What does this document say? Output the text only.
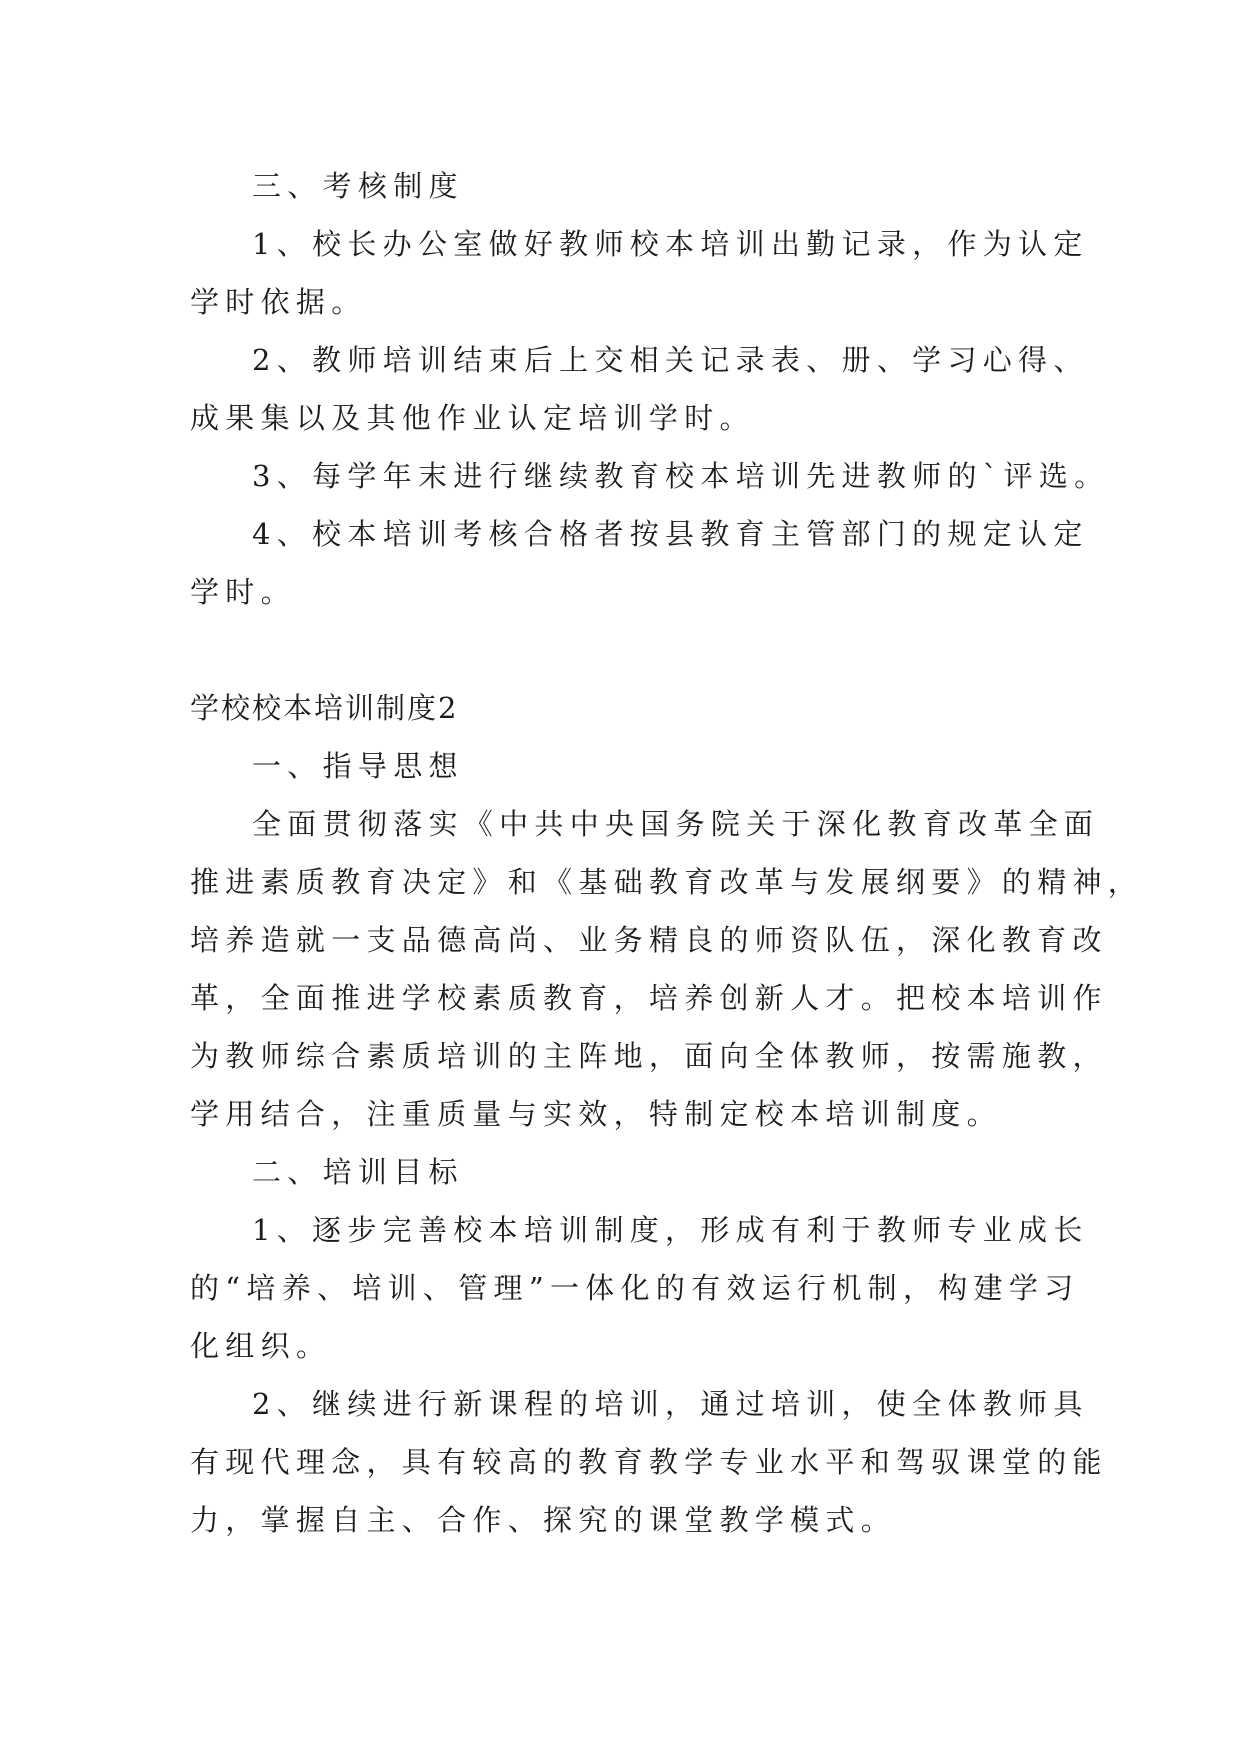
三、考核制度

1、校长办公室做好教师校本培训出勤记录，作为认定

学时依据。

2、教师培训结束后上交相关记录表、册、学习心得、

成果集以及其他作业认定培训学时。

3、每学年末进行继续教育校本培训先进教师的`评选。

4、校本培训考核合格者按县教育主管部门的规定认定

学时。

学校校本培训制度2

一、指导思想

全面贯彻落实《中共中央国务院关于深化教育改革全面

推进素质教育决定》和《基础教育改革与发展纲要》的精神，

培养造就一支品德高尚、业务精良的师资队伍，深化教育改

革，全面推进学校素质教育，培养创新人才。把校本培训作

为教师综合素质培训的主阵地，面向全体教师，按需施教，

学用结合，注重质量与实效，特制定校本培训制度。

二、培训目标

1、逐步完善校本培训制度，形成有利于教师专业成长

的“培养、培训、管理”一体化的有效运行机制，构建学习

化组织。

2、继续进行新课程的培训，通过培训，使全体教师具

有现代理念，具有较高的教育教学专业水平和驾驭课堂的能

力，掌握自主、合作、探究的课堂教学模式。
